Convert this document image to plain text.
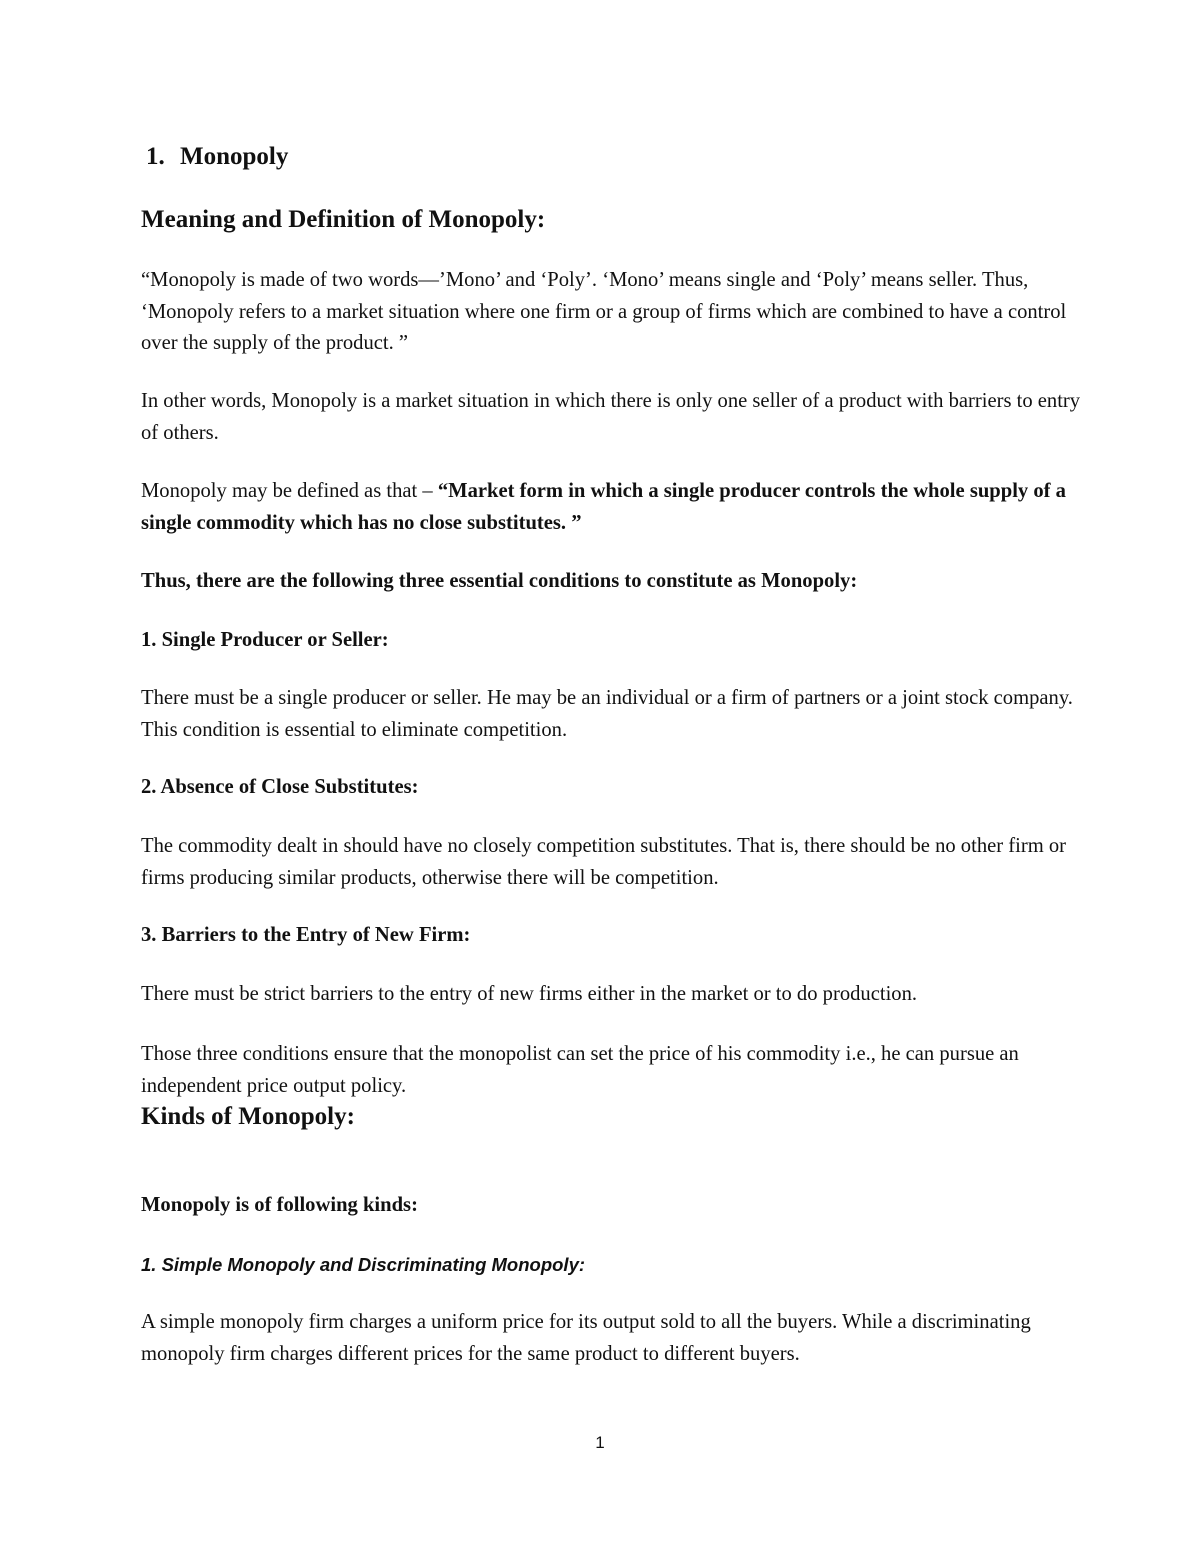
1. Monopoly
Meaning and Definition of Monopoly:

“Monopoly is made of two words—’Mono’ and ‘Poly’. ‘Mono’ means single and ‘Poly’ means seller. Thus, ‘Monopoly refers to a market situation where one firm or a group of firms which are combined to have a control over the supply of the product. ”

In other words, Monopoly is a market situation in which there is only one seller of a product with barriers to entry of others.

Monopoly may be defined as that – “Market form in which a single producer controls the whole supply of a single commodity which has no close substitutes. ”

Thus, there are the following three essential conditions to constitute as Monopoly:

1. Single Producer or Seller:

There must be a single producer or seller. He may be an individual or a firm of partners or a joint stock company. This condition is essential to eliminate competition.

2. Absence of Close Substitutes:

The commodity dealt in should have no closely competition substitutes. That is, there should be no other firm or firms producing similar products, otherwise there will be competition.

3. Barriers to the Entry of New Firm:

There must be strict barriers to the entry of new firms either in the market or to do production.

Those three conditions ensure that the monopolist can set the price of his commodity i.e., he can pursue an independent price output policy.

Kinds of Monopoly:

Monopoly is of following kinds:

1. Simple Monopoly and Discriminating Monopoly:

A simple monopoly firm charges a uniform price for its output sold to all the buyers. While a discriminating monopoly firm charges different prices for the same product to different buyers.

1
